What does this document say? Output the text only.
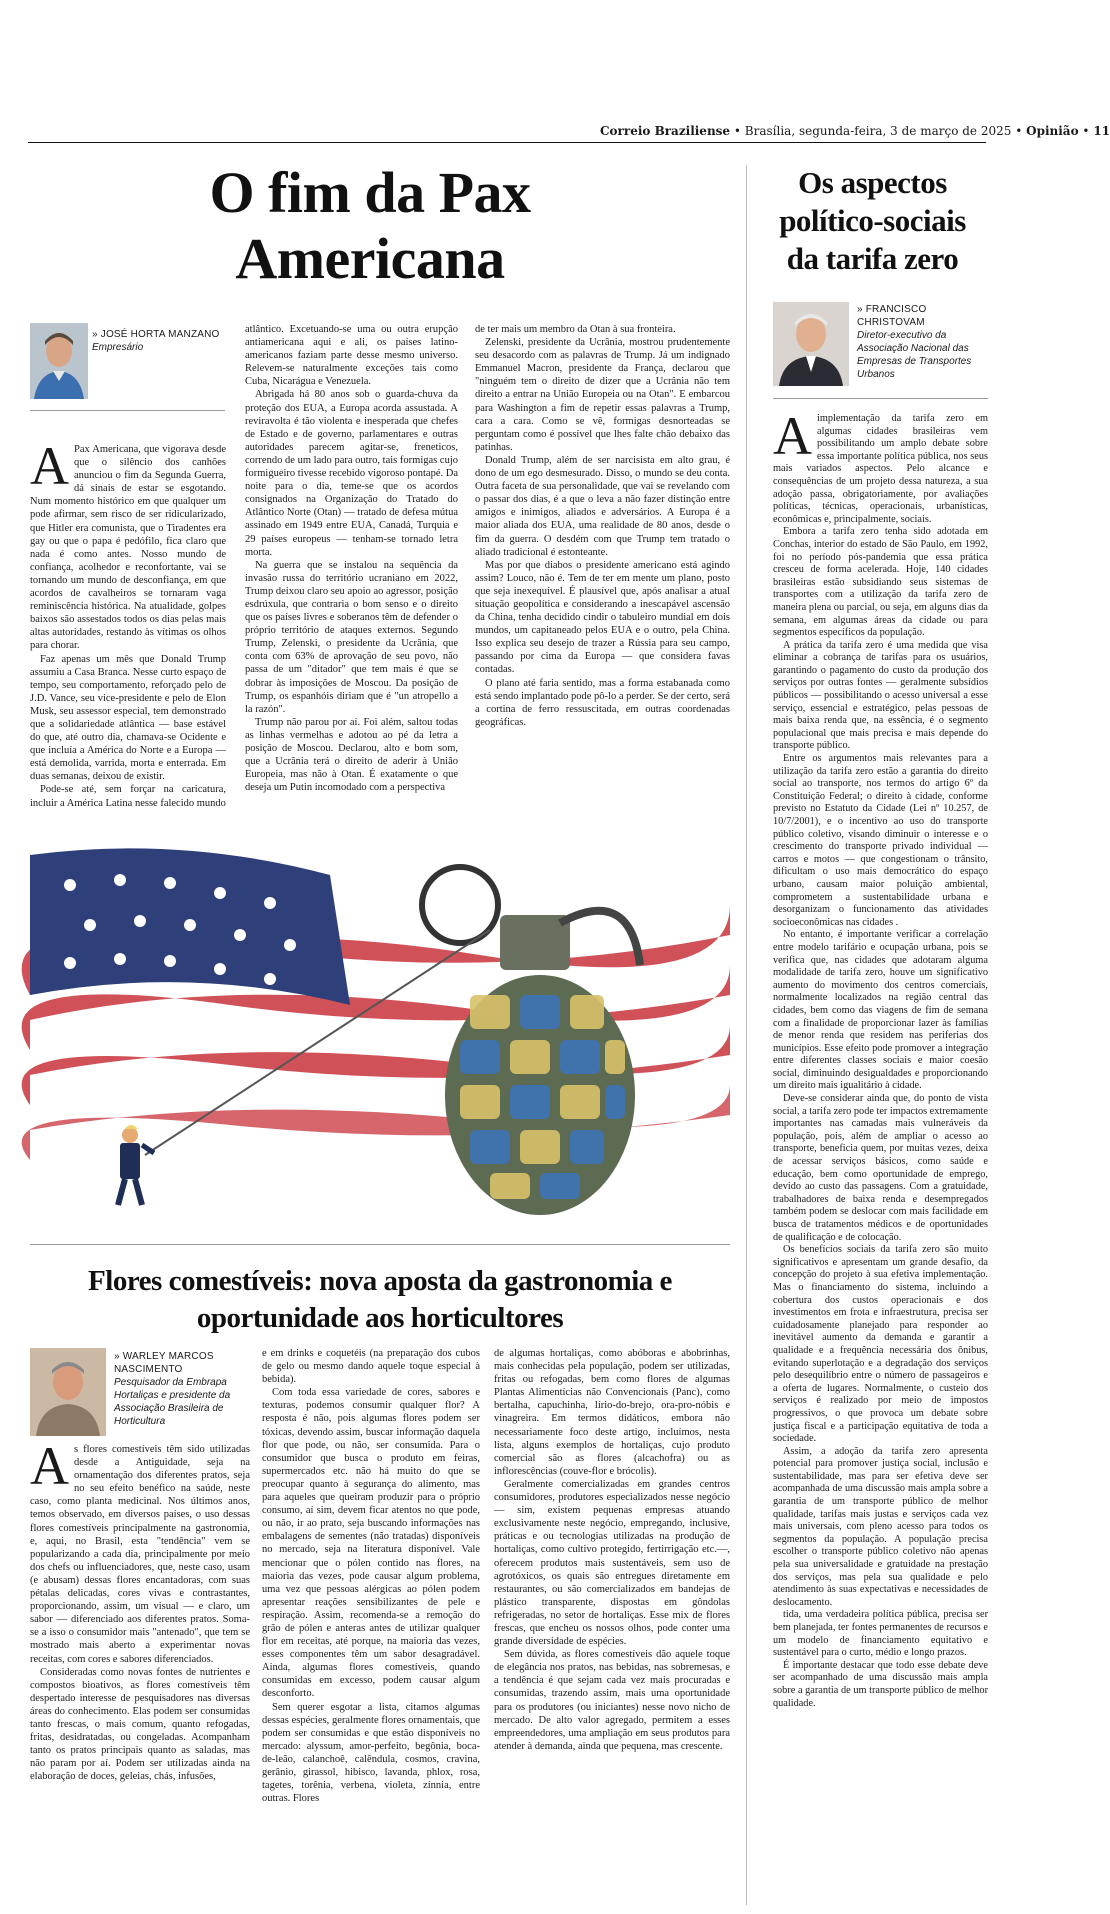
Correio Braziliense • Brasília, segunda-feira, 3 de março de 2025 • Opinião • 11
O fim da Pax Americana
» JOSÉ HORTA MANZANO
Empresário

A Pax Americana, que vigorava desde que o silêncio dos canhões anunciou o fim da Segunda Guerra, dá sinais de estar se esgotando. Num momento histórico em que qualquer um pode afirmar, sem risco de ser ridicularizado, que Hitler era comunista, que o Tiradentes era gay ou que o papa é pedófilo, fica claro que nada é como antes. Nosso mundo de confiança, acolhedor e reconfortante, vai se tornando um mundo de desconfiança, em que acordos de cavalheiros se tornaram vaga reminiscência histórica. Na atualidade, golpes baixos são assestados todos os dias pelas mais altas autoridades, restando às vítimas os olhos para chorar.

Faz apenas um mês que Donald Trump assumiu a Casa Branca. Nesse curto espaço de tempo, seu comportamento, reforçado pelo de J.D. Vance, seu vice-presidente e pelo de Elon Musk, seu assessor especial, tem demonstrado que a solidariedade atlântica — base estável do que, até outro dia, chamava-se Ocidente e que incluía a América do Norte e a Europa — está demolida, varrida, morta e enterrada. Em duas semanas, deixou de existir.

Pode-se até, sem forçar na caricatura, incluir a América Latina nesse falecido mundo

atlântico. Excetuando-se uma ou outra erupção antiamericana aqui e ali, os países latino-americanos faziam parte desse mesmo universo. Relevem-se naturalmente exceções tais como Cuba, Nicarágua e Venezuela.

Abrigada há 80 anos sob o guarda-chuva da proteção dos EUA, a Europa acorda assustada. A reviravolta é tão violenta e inesperada que chefes de Estado e de governo, parlamentares e outras autoridades parecem agitar-se, freneticos, correndo de um lado para outro, tais formigas cujo formigueiro tivesse recebido vigoroso pontapé. Da noite para o dia, teme-se que os acordos consignados na Organização do Tratado do Atlântico Norte (Otan) — tratado de defesa mútua assinado em 1949 entre EUA, Canadá, Turquia e 29 países europeus — tenham-se tornado letra morta.

Na guerra que se instalou na sequência da invasão russa do território ucraniano em 2022, Trump deixou claro seu apoio ao agressor, posição esdrúxula, que contraria o bom senso e o direito que os países livres e soberanos têm de defender o próprio território de ataques externos. Segundo Trump, Zelenski, o presidente da Ucrânia, que conta com 63% de aprovação de seu povo, não passa de um "ditador" que tem mais é que se dobrar às imposições de Moscou. Da posição de Trump, os espanhóis diriam que é "un atropello a la razón".

Trump não parou por aí. Foi além, saltou todas as linhas vermelhas e adotou ao pé da letra a posição de Moscou. Declarou, alto e bom som, que a Ucrânia terá o direito de aderir à União Europeia, mas não à Otan. É exatamente o que deseja um Putin incomodado com a perspectiva

de ter mais um membro da Otan à sua fronteira.

Zelenski, presidente da Ucrânia, mostrou prudentemente seu desacordo com as palavras de Trump. Já um indignado Emmanuel Macron, presidente da França, declarou que "ninguém tem o direito de dizer que a Ucrânia não tem direito a entrar na União Europeia ou na Otan". E embarcou para Washington a fim de repetir essas palavras a Trump, cara a cara. Como se vê, formigas desnorteadas se perguntam como é possível que lhes falte chão debaixo das patinhas.

Donald Trump, além de ser narcisista em alto grau, é dono de um ego desmesurado. Disso, o mundo se deu conta. Outra faceta de sua personalidade, que vai se revelando com o passar dos dias, é a que o leva a não fazer distinção entre amigos e inimigos, aliados e adversários. A Europa é a maior aliada dos EUA, uma realidade de 80 anos, desde o fim da guerra. O desdém com que Trump tem tratado o aliado tradicional é estonteante.

Mas por que diabos o presidente americano está agindo assim? Louco, não é. Tem de ter em mente um plano, posto que seja inexequível. É plausível que, após analisar a atual situação geopolítica e considerando a inescapável ascensão da China, tenha decidido cindir o tabuleiro mundial em dois mundos, um capitaneado pelos EUA e o outro, pela China. Isso explica seu desejo de trazer a Rússia para seu campo, passando por cima da Europa — que considera favas contadas.

O plano até faria sentido, mas a forma estabanada como está sendo implantado pode pô-lo a perder. Se der certo, será a cortina de ferro ressuscitada, em outras coordenadas geográficas.

Flores comestíveis: nova aposta da gastronomia e oportunidade aos horticultores
» WARLEY MARCOS NASCIMENTO
Pesquisador da Embrapa Hortaliças e presidente da Associação Brasileira de Horticultura

As flores comestíveis têm sido utilizadas desde a Antiguidade, seja na ornamentação dos diferentes pratos, seja no seu efeito benéfico na saúde, neste caso, como planta medicinal. Nos últimos anos, temos observado, em diversos países, o uso dessas flores comestíveis principalmente na gastronomia, e, aqui, no Brasil, esta "tendência" vem se popularizando a cada dia, principalmente por meio dos chefs ou influenciadores, que, neste caso, usam (e abusam) dessas flores encantadoras, com suas pétalas delicadas, cores vivas e contrastantes, proporcionando, assim, um visual — e claro, um sabor — diferenciado aos diferentes pratos. Soma-se a isso o consumidor mais "antenado", que tem se mostrado mais aberto a experimentar novas receitas, com cores e sabores diferenciados.

Consideradas como novas fontes de nutrientes e compostos bioativos, as flores comestíveis têm despertado interesse de pesquisadores nas diversas áreas do conhecimento. Elas podem ser consumidas tanto frescas, o mais comum, quanto refogadas, fritas, desidratadas, ou congeladas. Acompanham tanto os pratos principais quanto as saladas, mas não param por aí. Podem ser utilizadas ainda na elaboração de doces, geleias, chás, infusões,

e em drinks e coquetéis (na preparação dos cubos de gelo ou mesmo dando aquele toque especial à bebida).

Com toda essa variedade de cores, sabores e texturas, podemos consumir qualquer flor? A resposta é não, pois algumas flores podem ser tóxicas, devendo assim, buscar informação daquela flor que pode, ou não, ser consumida. Para o consumidor que busca o produto em feiras, supermercados etc. não há muito do que se preocupar quanto à segurança do alimento, mas para aqueles que queiram produzir para o próprio consumo, aí sim, devem ficar atentos no que pode, ou não, ir ao prato, seja buscando informações nas embalagens de sementes (não tratadas) disponíveis no mercado, seja na literatura disponível. Vale mencionar que o pólen contido nas flores, na maioria das vezes, pode causar algum problema, uma vez que pessoas alérgicas ao pólen podem apresentar reações sensibilizantes de pele e respiração. Assim, recomenda-se a remoção do grão de pólen e anteras antes de utilizar qualquer flor em receitas, até porque, na maioria das vezes, esses componentes têm um sabor desagradável. Ainda, algumas flores comestíveis, quando consumidas em excesso, podem causar algum desconforto.

Sem querer esgotar a lista, citamos algumas dessas espécies, geralmente flores ornamentais, que podem ser consumidas e que estão disponíveis no mercado: alyssum, amor-perfeito, begônia, boca-de-leão, calanchoê, calêndula, cosmos, cravina, gerânio, girassol, hibisco, lavanda, phlox, rosa, tagetes, torênia, verbena, violeta, zínnia, entre outras. Flores

de algumas hortaliças, como abóboras e abobrinhas, mais conhecidas pela população, podem ser utilizadas, fritas ou refogadas, bem como flores de algumas Plantas Alimentícias não Convencionais (Panc), como bertalha, capuchinha, lírio-do-brejo, ora-pro-nóbis e vinagreira. Em termos didáticos, embora não necessariamente foco deste artigo, incluímos, nesta lista, alguns exemplos de hortaliças, cujo produto comercial são as flores (alcachofra) ou as inflorescências (couve-flor e brócolis).

Geralmente comercializadas em grandes centros consumidores, produtores especializados nesse negócio — sim, existem pequenas empresas atuando exclusivamente neste negócio, empregando, inclusive, práticas e ou tecnologias utilizadas na produção de hortaliças, como cultivo protegido, fertirrigação etc.—, oferecem produtos mais sustentáveis, sem uso de agrotóxicos, os quais são entregues diretamente em restaurantes, ou são comercializados em bandejas de plástico transparente, dispostas em gôndolas refrigeradas, no setor de hortaliças. Esse mix de flores frescas, que encheu os nossos olhos, pode conter uma grande diversidade de espécies.

Sem dúvida, as flores comestíveis dão aquele toque de elegância nos pratos, nas bebidas, nas sobremesas, e a tendência é que sejam cada vez mais procuradas e consumidas, trazendo assim, mais uma oportunidade para os produtores (ou iniciantes) nesse novo nicho de mercado. De alto valor agregado, permitem a esses empreendedores, uma ampliação em seus produtos para atender à demanda, ainda que pequena, mas crescente.

Os aspectos político-sociais da tarifa zero
» FRANCISCO CHRISTOVAM
Diretor-executivo da Associação Nacional das Empresas de Transportes Urbanos

Aimplementação da tarifa zero em algumas cidades brasileiras vem possibilitando um amplo debate sobre essa importante política pública, nos seus mais variados aspectos. Pelo alcance e consequências de um projeto dessa natureza, a sua adoção passa, obrigatoriamente, por avaliações políticas, técnicas, operacionais, urbanísticas, econômicas e, principalmente, sociais.

Embora a tarifa zero tenha sido adotada em Conchas, interior do estado de São Paulo, em 1992, foi no período pós-pandemia que essa prática cresceu de forma acelerada. Hoje, 140 cidades brasileiras estão subsidiando seus sistemas de transportes com a utilização da tarifa zero de maneira plena ou parcial, ou seja, em alguns dias da semana, em algumas áreas da cidade ou para segmentos específicos da população.

A prática da tarifa zero é uma medida que visa eliminar a cobrança de tarifas para os usuários, garantindo o pagamento do custo da produção dos serviços por outras fontes — geralmente subsídios públicos — possibilitando o acesso universal a esse serviço, essencial e estratégico, pelas pessoas de mais baixa renda que, na essência, é o segmento populacional que mais precisa e mais depende do transporte público.

Entre os argumentos mais relevantes para a utilização da tarifa zero estão a garantia do direito social ao transporte, nos termos do artigo 6º da Constituição Federal; o direito à cidade, conforme previsto no Estatuto da Cidade (Lei nº 10.257, de 10/7/2001), e o incentivo ao uso do transporte público coletivo, visando diminuir o interesse e o crescimento do transporte privado individual — carros e motos — que congestionam o trânsito, dificultam o uso mais democrático do espaço urbano, causam maior poluição ambiental, comprometem a sustentabilidade urbana e desorganizam o funcionamento das atividades socioeconômicas nas cidades .

No entanto, é importante verificar a correlação entre modelo tarifário e ocupação urbana, pois se verifica que, nas cidades que adotaram alguma modalidade de tarifa zero, houve um significativo aumento do movimento dos centros comerciais, normalmente localizados na região central das cidades, bem como das viagens de fim de semana com a finalidade de proporcionar lazer às famílias de menor renda que residem nas periferias dos municípios. Esse efeito pode promover a integração entre diferentes classes sociais e maior coesão social, diminuindo desigualdades e proporcionando um direito mais igualitário à cidade.

Deve-se considerar ainda que, do ponto de vista social, a tarifa zero pode ter impactos extremamente importantes nas camadas mais vulneráveis da população, pois, além de ampliar o acesso ao transporte, beneficia quem, por muitas vezes, deixa de acessar serviços básicos, como saúde e educação, bem como oportunidade de emprego, devido ao custo das passagens. Com a gratuidade, trabalhadores de baixa renda e desempregados também podem se deslocar com mais facilidade em busca de tratamentos médicos e de oportunidades de qualificação e de colocação.

Os benefícios sociais da tarifa zero são muito significativos e apresentam um grande desafio, da concepção do projeto à sua efetiva implementação. Mas o financiamento do sistema, incluindo a cobertura dos custos operacionais e dos investimentos em frota e infraestrutura, precisa ser cuidadosamente planejado para responder ao inevitável aumento da demanda e garantir a qualidade e a frequência necessária dos ônibus, evitando superlotação e a degradação dos serviços pelo desequilíbrio entre o número de passageiros e a oferta de lugares. Normalmente, o custeio dos serviços é realizado por meio de impostos progressivos, o que provoca um debate sobre justiça fiscal e a participação equitativa de toda a sociedade.

Assim, a adoção da tarifa zero apresenta potencial para promover justiça social, inclusão e sustentabilidade, mas para ser efetiva deve ser acompanhada de uma discussão mais ampla sobre a garantia de um transporte público de melhor qualidade, tarifas mais justas e serviços cada vez mais universais, com pleno acesso para todos os segmentos da população. A população precisa escolher o transporte público coletivo não apenas pela sua universalidade e gratuidade na prestação dos serviços, mas pela sua qualidade e pelo atendimento às suas expectativas e necessidades de deslocamento.

tida, uma verdadeira política pública, precisa ser bem planejada, ter fontes permanentes de recursos e um modelo de financiamento equitativo e sustentável para o curto, médio e longo prazos.

É importante destacar que todo esse debate deve ser acompanhado de uma discussão mais ampla sobre a garantia de um transporte público de melhor qualidade.
